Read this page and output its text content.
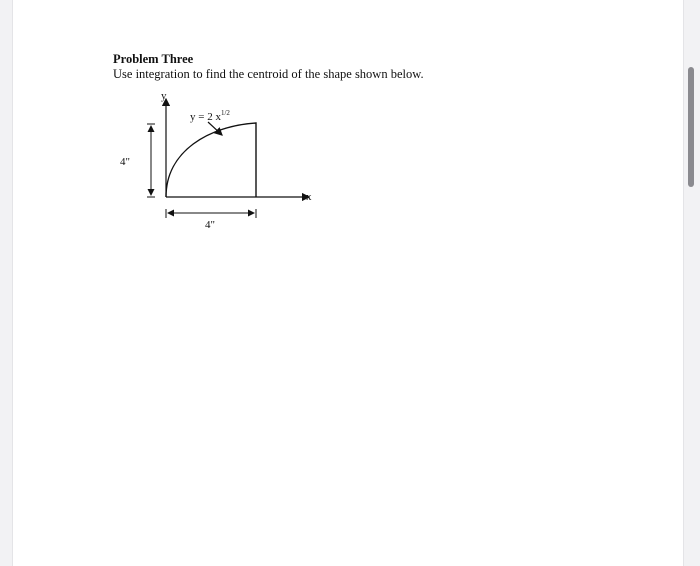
Problem Three
Use integration to find the centroid of the shape shown below.
y
x
y = 2 $x^{1/2}$
4"
4"
